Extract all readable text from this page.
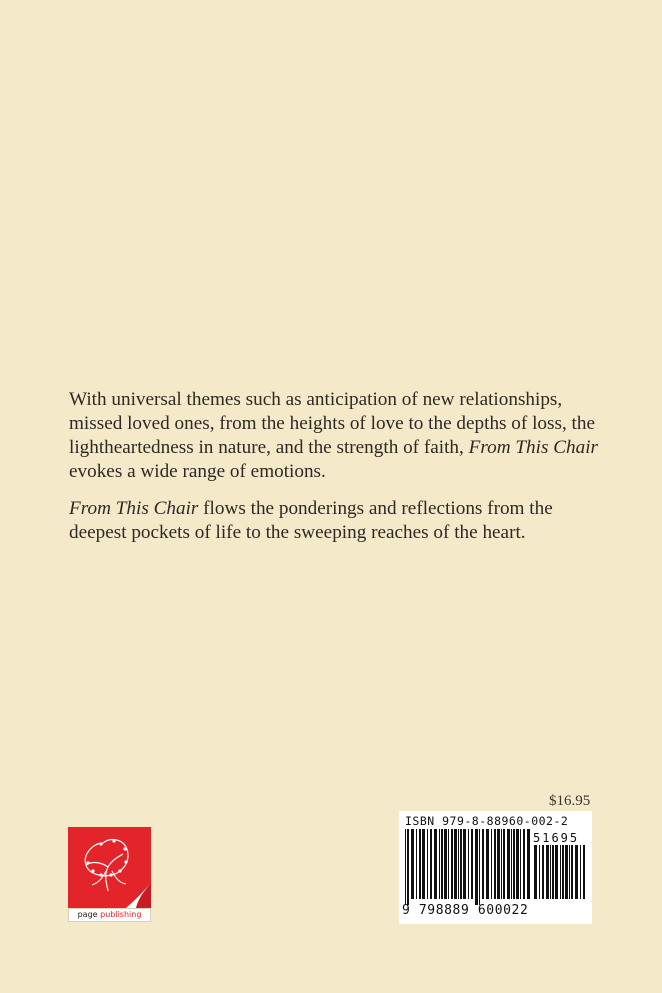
With universal themes such as anticipation of new relationships, missed loved ones, from the heights of love to the depths of loss, the lightheartedness in nature, and the strength of faith, From This Chair evokes a wide range of emotions.

From This Chair flows the ponderings and reflections from the deepest pockets of life to the sweeping reaches of the heart.

$16.95
ISBN 979-8-88960-002-2
51695
9 798889 600022
page publishing
